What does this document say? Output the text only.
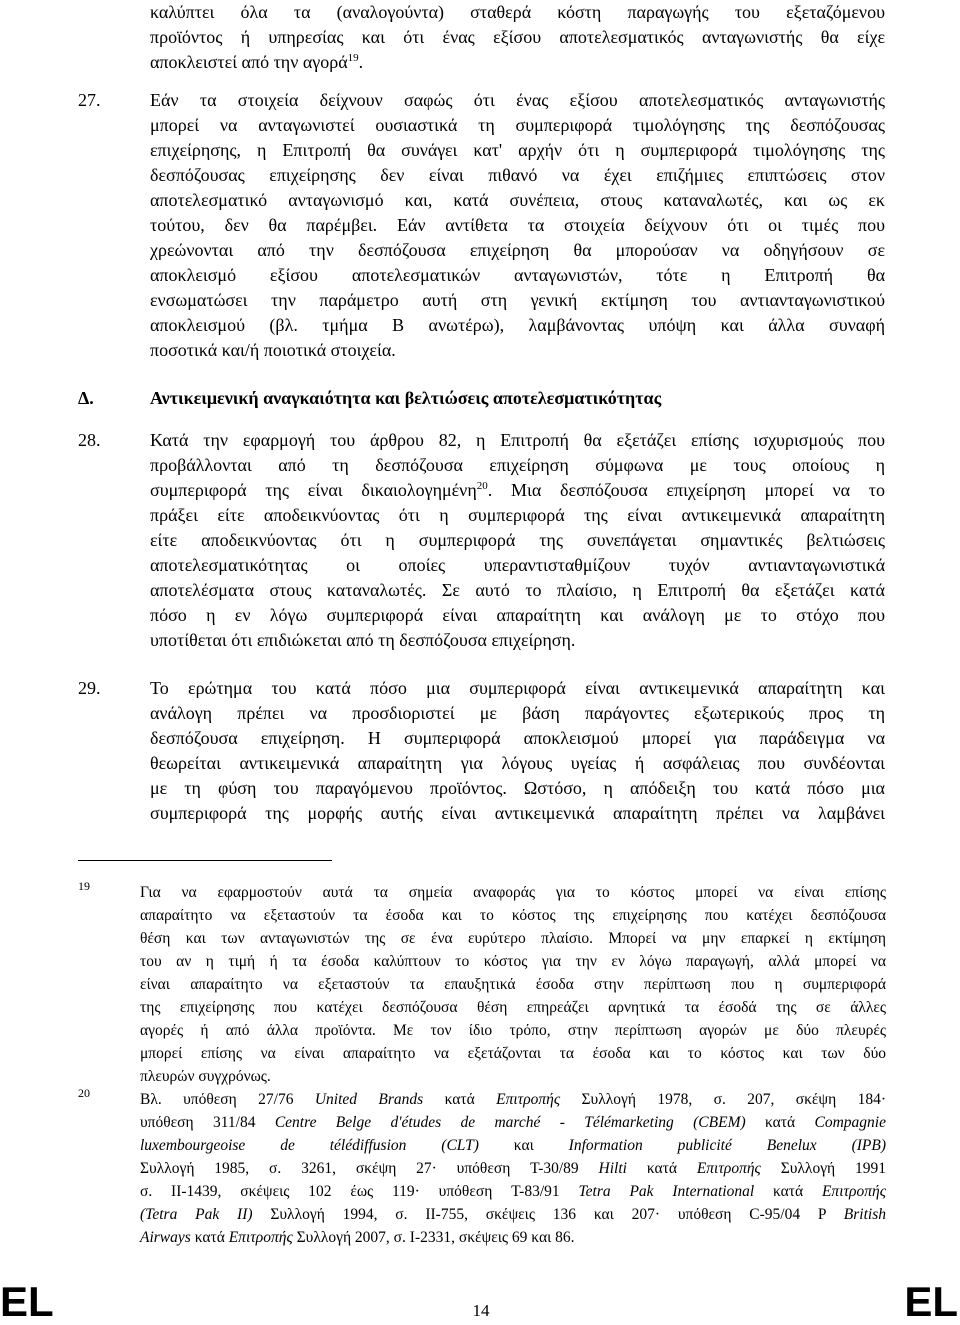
καλύπτει όλα τα (αναλογούντα) σταθερά κόστη παραγωγής του εξεταζόμενου
προϊόντος ή υπηρεσίας και ότι ένας εξίσου αποτελεσματικός ανταγωνιστής θα είχε
αποκλειστεί από την αγορά$^{19}$.
27.	Εάν τα στοιχεία δείχνουν σαφώς ότι ένας εξίσου αποτελεσματικός ανταγωνιστής
μπορεί να ανταγωνιστεί ουσιαστικά τη συμπεριφορά τιμολόγησης της δεσπόζουσας
επιχείρησης, η Επιτροπή θα συνάγει κατ' αρχήν ότι η συμπεριφορά τιμολόγησης της
δεσπόζουσας επιχείρησης δεν είναι πιθανό να έχει επιζήμιες επιπτώσεις στον
αποτελεσματικό ανταγωνισμό και, κατά συνέπεια, στους καταναλωτές, και ως εκ
τούτου, δεν θα παρέμβει. Εάν αντίθετα τα στοιχεία δείχνουν ότι οι τιμές που
χρεώνονται από την δεσπόζουσα επιχείρηση θα μπορούσαν να οδηγήσουν σε
αποκλεισμό εξίσου αποτελεσματικών ανταγωνιστών, τότε η Επιτροπή θα
ενσωματώσει την παράμετρο αυτή στη γενική εκτίμηση του αντιανταγωνιστικού
αποκλεισμού (βλ. τμήμα B ανωτέρω), λαμβάνοντας υπόψη και άλλα συναφή
ποσοτικά και/ή ποιοτικά στοιχεία.
Δ.	Αντικειμενική αναγκαιότητα και βελτιώσεις αποτελεσματικότητας
28.	Κατά την εφαρμογή του άρθρου 82, η Επιτροπή θα εξετάζει επίσης ισχυρισμούς που
προβάλλονται από τη δεσπόζουσα επιχείρηση σύμφωνα με τους οποίους η
συμπεριφορά της είναι δικαιολογημένη$^{20}$. Μια δεσπόζουσα επιχείρηση μπορεί να το
πράξει είτε αποδεικνύοντας ότι η συμπεριφορά της είναι αντικειμενικά απαραίτητη
είτε αποδεικνύοντας ότι η συμπεριφορά της συνεπάγεται σημαντικές βελτιώσεις
αποτελεσματικότητας οι οποίες υπεραντισταθμίζουν τυχόν αντιανταγωνιστικά
αποτελέσματα στους καταναλωτές. Σε αυτό το πλαίσιο, η Επιτροπή θα εξετάζει κατά
πόσο η εν λόγω συμπεριφορά είναι απαραίτητη και ανάλογη με το στόχο που
υποτίθεται ότι επιδιώκεται από τη δεσπόζουσα επιχείρηση.
29.	Το ερώτημα του κατά πόσο μια συμπεριφορά είναι αντικειμενικά απαραίτητη και
ανάλογη πρέπει να προσδιοριστεί με βάση παράγοντες εξωτερικούς προς τη
δεσπόζουσα επιχείρηση. Η συμπεριφορά αποκλεισμού μπορεί για παράδειγμα να
θεωρείται αντικειμενικά απαραίτητη για λόγους υγείας ή ασφάλειας που συνδέονται
με τη φύση του παραγόμενου προϊόντος. Ωστόσο, η απόδειξη του κατά πόσο μια
συμπεριφορά της μορφής αυτής είναι αντικειμενικά απαραίτητη πρέπει να λαμβάνει
19	Για να εφαρμοστούν αυτά τα σημεία αναφοράς για το κόστος μπορεί να είναι επίσης
απαραίτητο να εξεταστούν τα έσοδα και το κόστος της επιχείρησης που κατέχει δεσπόζουσα
θέση και των ανταγωνιστών της σε ένα ευρύτερο πλαίσιο. Μπορεί να μην επαρκεί η εκτίμηση
του αν η τιμή ή τα έσοδα καλύπτουν το κόστος για την εν λόγω παραγωγή, αλλά μπορεί να
είναι απαραίτητο να εξεταστούν τα επαυξητικά έσοδα στην περίπτωση που η συμπεριφορά
της επιχείρησης που κατέχει δεσπόζουσα θέση επηρεάζει αρνητικά τα έσοδά της σε άλλες
αγορές ή από άλλα προϊόντα. Με τον ίδιο τρόπο, στην περίπτωση αγορών με δύο πλευρές
μπορεί επίσης να είναι απαραίτητο να εξετάζονται τα έσοδα και το κόστος και των δύο
πλευρών συγχρόνως.
20	Βλ. υπόθεση 27/76 United Brands κατά Επιτροπής Συλλογή 1978, σ. 207, σκέψη 184·
υπόθεση 311/84 Centre Belge d'études de marché - Télémarketing (CBEM) κατά Compagnie
luxembourgeoise de télédiffusion (CLT) και Information publicité Benelux (IPB)
Συλλογή 1985, σ. 3261, σκέψη 27· υπόθεση T-30/89 Hilti κατά Επιτροπής Συλλογή 1991
σ. II-1439, σκέψεις 102 έως 119· υπόθεση T-83/91 Tetra Pak International κατά Επιτροπής
(Tetra Pak II) Συλλογή 1994, σ. II-755, σκέψεις 136 και 207· υπόθεση C-95/04 P British
Airways κατά Επιτροπής Συλλογή 2007, σ. I-2331, σκέψεις 69 και 86.
EL	14	EL
